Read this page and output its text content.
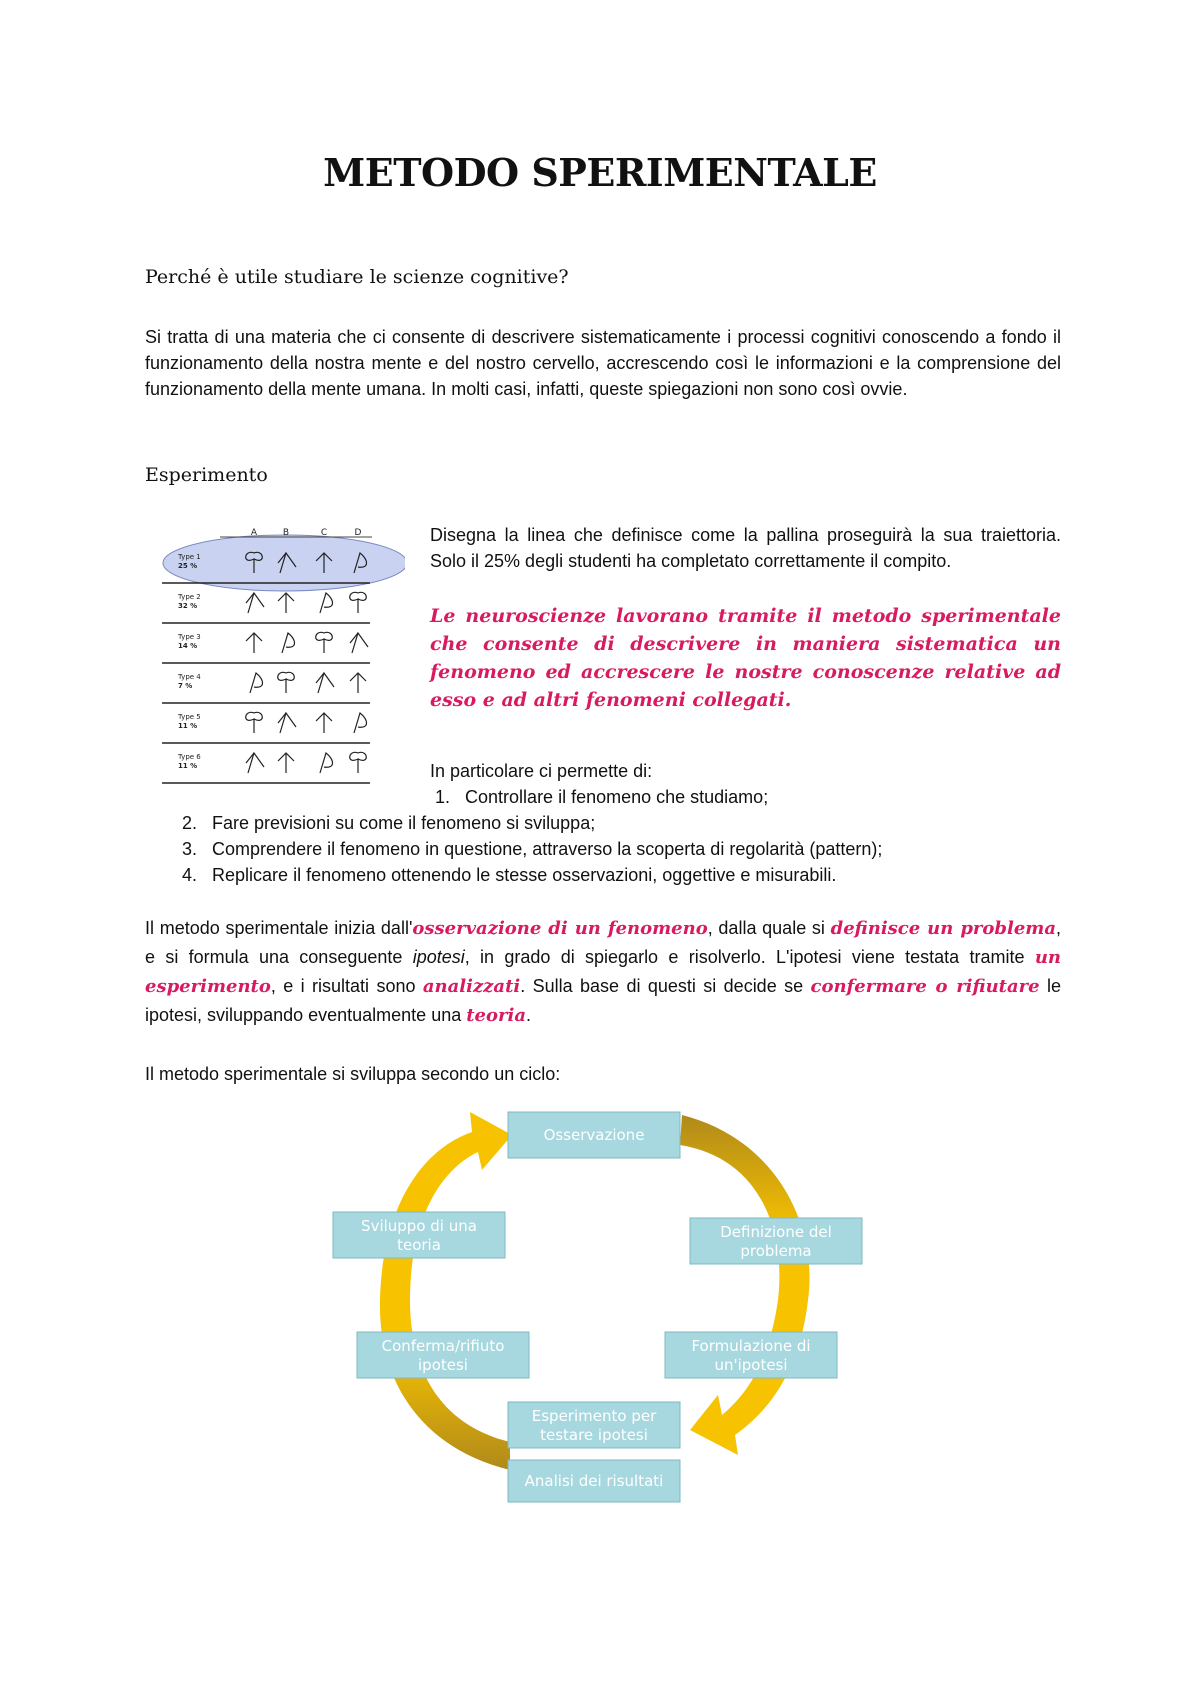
METODO SPERIMENTALE
Perché è utile studiare le scienze cognitive?
Si tratta di una materia che ci consente di descrivere sistematicamente i processi cognitivi conoscendo a fondo il funzionamento della nostra mente e del nostro cervello, accrescendo così le informazioni e la comprensione del funzionamento della mente umana. In molti casi, infatti, queste spiegazioni non sono così ovvie.
Esperimento
A	B	C	D
Type 1
25 %
Type 2
32 %
Type 3
14 %
Type 4
7 %
Type 5
11 %
Type 6
11 %
Disegna la linea che definisce come la pallina proseguirà la sua traiettoria. Solo il 25% degli studenti ha completato correttamente il compito.
Le neuroscienze lavorano tramite il metodo sperimentale che consente di descrivere in maniera sistematica un fenomeno ed accrescere le nostre conoscenze relative ad esso e ad altri fenomeni collegati.
In particolare ci permette di:
1. Controllare il fenomeno che studiamo;
2. Fare previsioni su come il fenomeno si sviluppa;
3. Comprendere il fenomeno in questione, attraverso la scoperta di regolarità (pattern);
4. Replicare il fenomeno ottenendo le stesse osservazioni, oggettive e misurabili.
Il metodo sperimentale inizia dall'osservazione di un fenomeno, dalla quale si definisce un problema, e si formula una conseguente ipotesi, in grado di spiegarlo e risolverlo. L'ipotesi viene testata tramite un esperimento, e i risultati sono analizzati. Sulla base di questi si decide se confermare o rifiutare le ipotesi, sviluppando eventualmente una teoria.
Il metodo sperimentale si sviluppa secondo un ciclo:
Osservazione
Definizione del
problema
Formulazione di
un'ipotesi
Esperimento per
testare ipotesi
Analisi dei risultati
Conferma/rifiuto
ipotesi
Sviluppo di una
teoria
